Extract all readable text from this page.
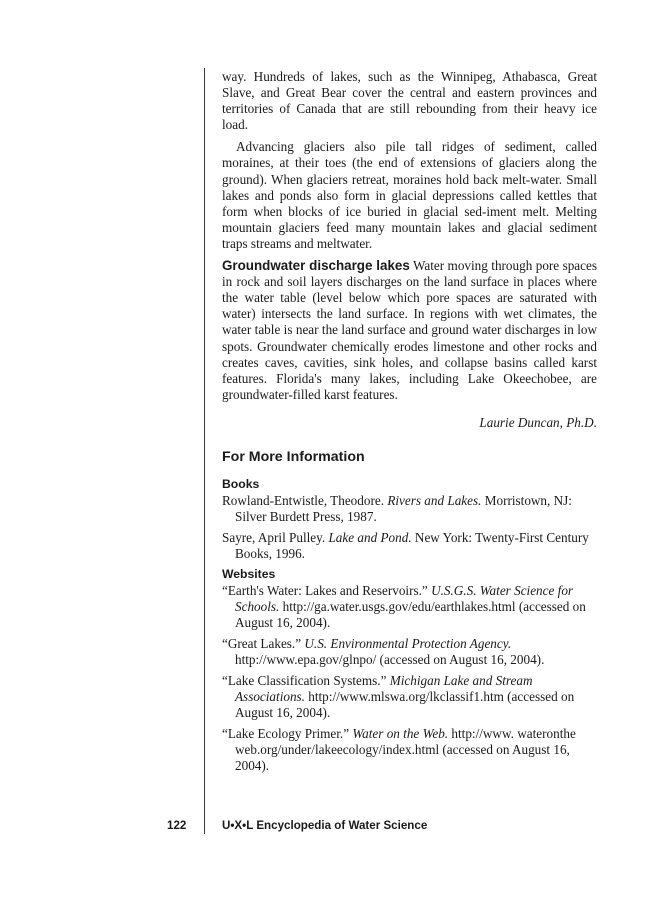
way. Hundreds of lakes, such as the Winnipeg, Athabasca, Great Slave, and Great Bear cover the central and eastern provinces and territories of Canada that are still rebounding from their heavy ice load.

Advancing glaciers also pile tall ridges of sediment, called moraines, at their toes (the end of extensions of glaciers along the ground). When glaciers retreat, moraines hold back melt-water. Small lakes and ponds also form in glacial depressions called kettles that form when blocks of ice buried in glacial sed-iment melt. Melting mountain glaciers feed many mountain lakes and glacial sediment traps streams and meltwater.

Groundwater discharge lakes Water moving through pore spaces in rock and soil layers discharges on the land surface in places where the water table (level below which pore spaces are saturated with water) intersects the land surface. In regions with wet climates, the water table is near the land surface and ground water discharges in low spots. Groundwater chemically erodes limestone and other rocks and creates caves, cavities, sink holes, and collapse basins called karst features. Florida's many lakes, including Lake Okeechobee, are groundwater-filled karst features.

Laurie Duncan, Ph.D.

For More Information
Books

Rowland-Entwistle, Theodore. Rivers and Lakes. Morristown, NJ: Silver Burdett Press, 1987.

Sayre, April Pulley. Lake and Pond. New York: Twenty-First Century Books, 1996.

Websites

“Earth's Water: Lakes and Reservoirs.” U.S.G.S. Water Science for Schools. http://ga.water.usgs.gov/edu/earthlakes.html (accessed on August 16, 2004).

“Great Lakes.” U.S. Environmental Protection Agency. http://www.epa.gov/glnpo/ (accessed on August 16, 2004).

“Lake Classification Systems.” Michigan Lake and Stream Associations. http://www.mlswa.org/lkclassif1.htm (accessed on August 16, 2004).

“Lake Ecology Primer.” Water on the Web. http://www. wateronthe web.org/under/lakeecology/index.html (accessed on August 16, 2004).

122	U•X•L Encyclopedia of Water Science
